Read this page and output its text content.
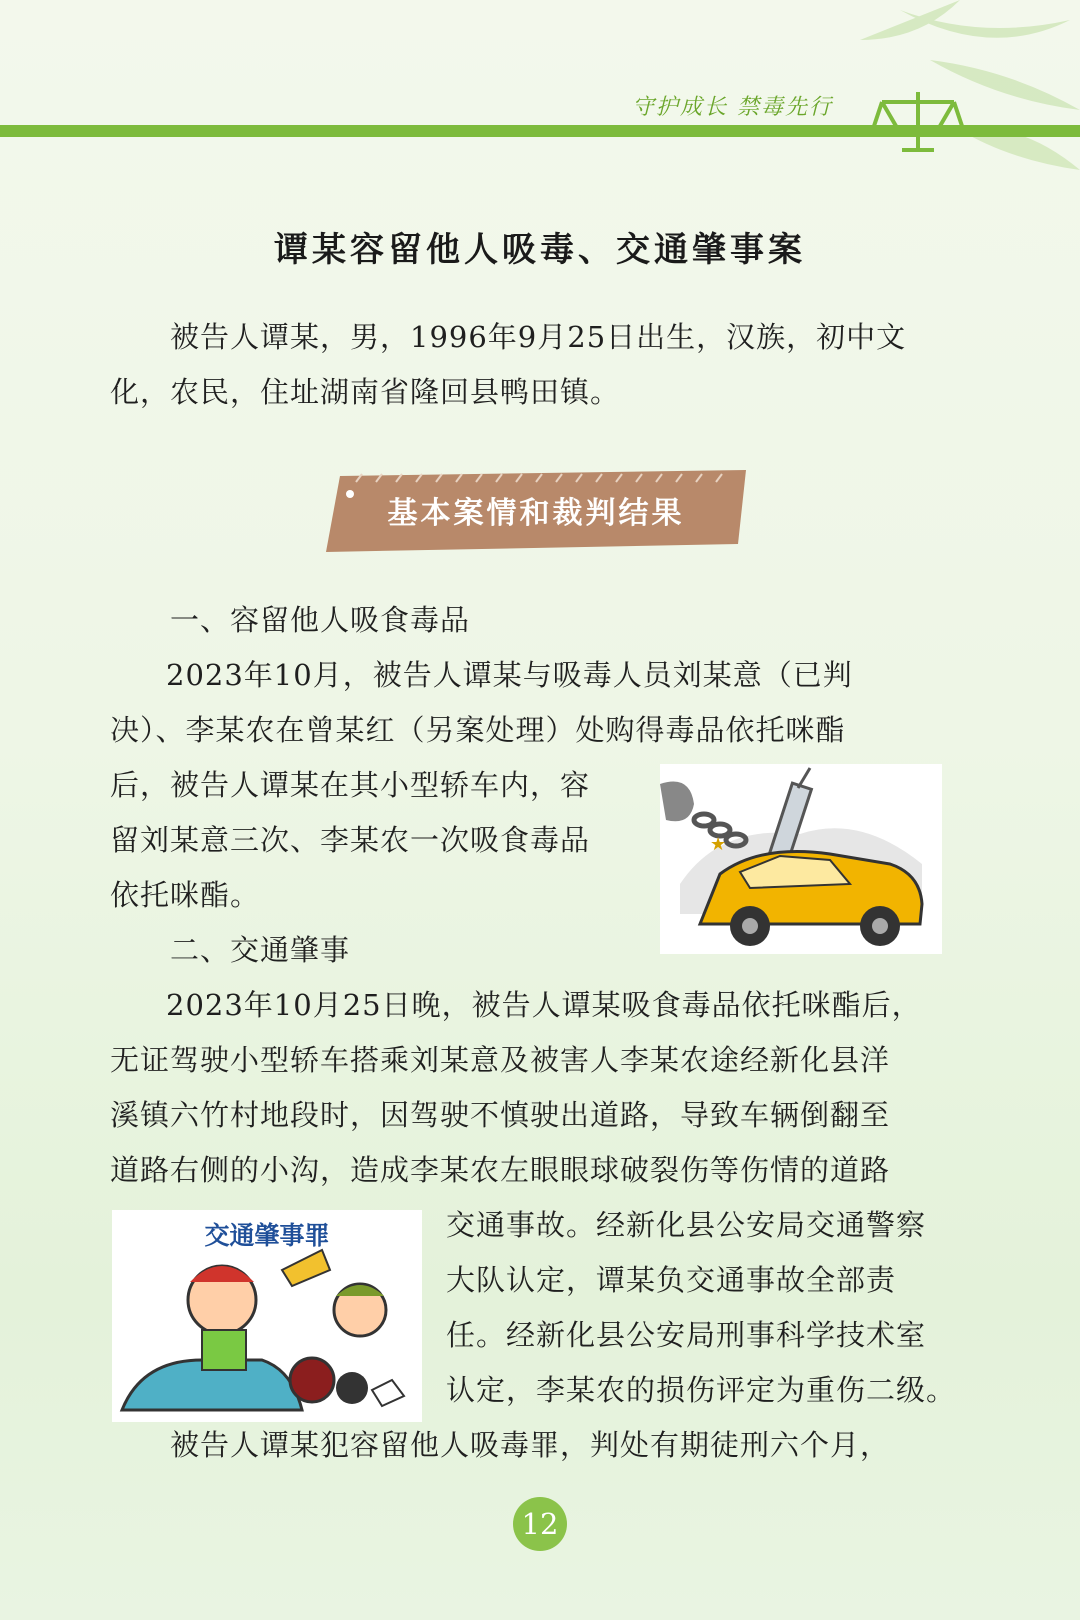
守护成长 禁毒先行
谭某容留他人吸毒、交通肇事案

被告人谭某，男，1996年9月25日出生，汉族，初中文

化，农民，住址湖南省隆回县鸭田镇。

基本案情和裁判结果

一、容留他人吸食毒品

2023年10月，被告人谭某与吸毒人员刘某意（已判

决）、李某农在曾某红（另案处理）处购得毒品依托咪酯

后，被告人谭某在其小型轿车内，容

留刘某意三次、李某农一次吸食毒品

依托咪酯。

★

二、交通肇事

2023年10月25日晚，被告人谭某吸食毒品依托咪酯后，

无证驾驶小型轿车搭乘刘某意及被害人李某农途经新化县洋

溪镇六竹村地段时，因驾驶不慎驶出道路，导致车辆倒翻至

道路右侧的小沟，造成李某农左眼眼球破裂伤等伤情的道路

交通事故。经新化县公安局交通警察

大队认定，谭某负交通事故全部责

任。经新化县公安局刑事科学技术室

认定，李某农的损伤评定为重伤二级。

交通肇事罪

被告人谭某犯容留他人吸毒罪，判处有期徒刑六个月，

12
